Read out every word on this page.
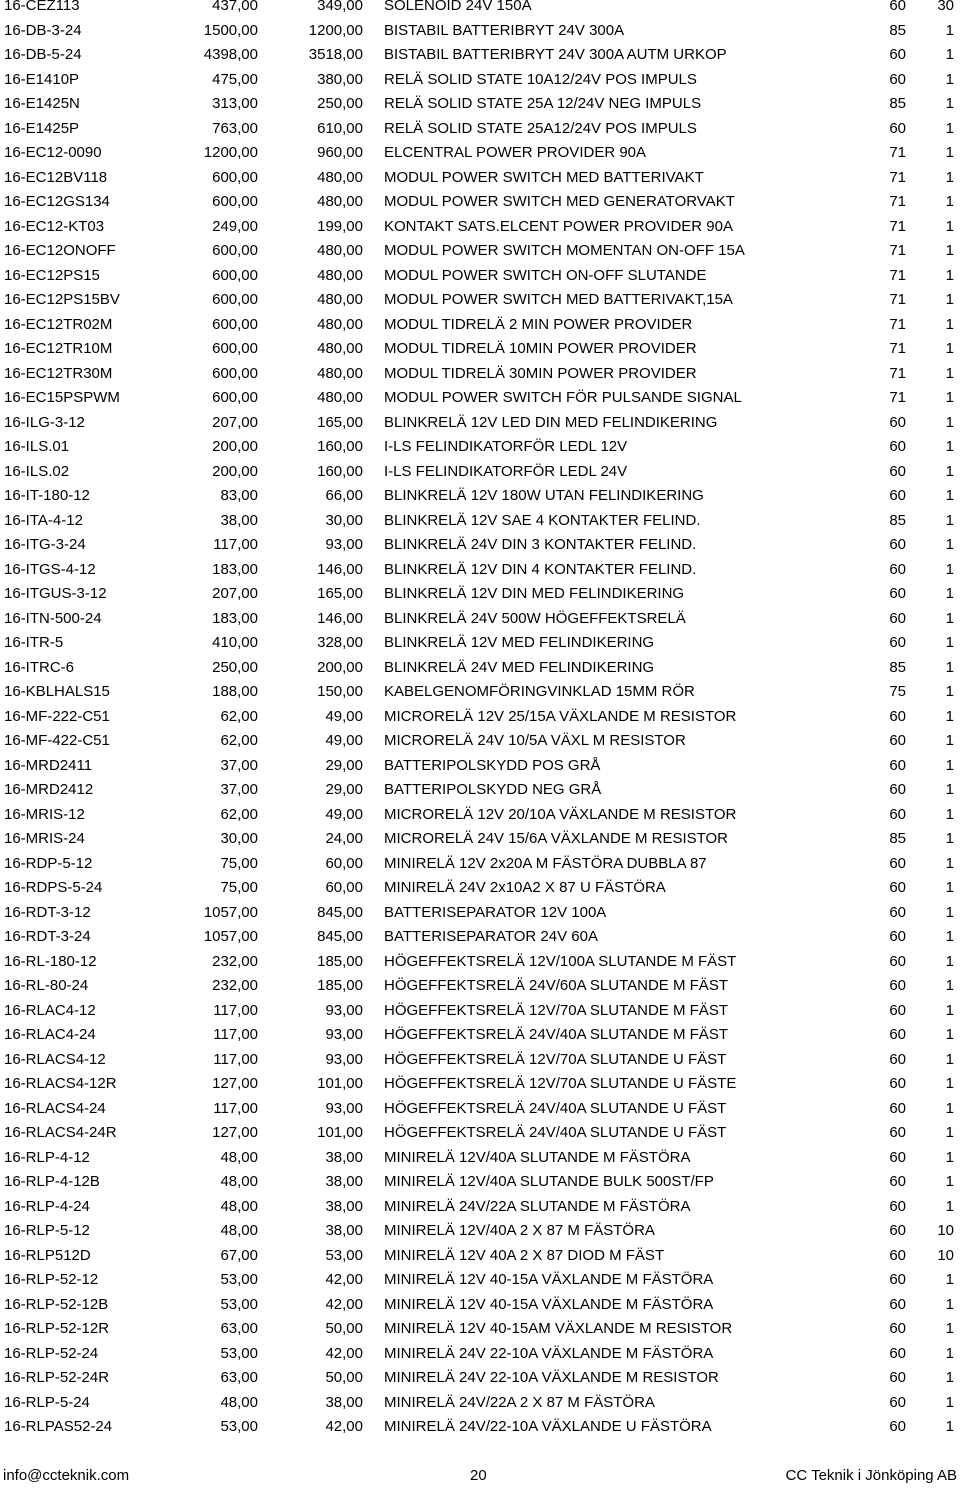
16-CEZ113	437,00	349,00	SOLENOID 24V 150A	60	30
16-DB-3-24	1500,00	1200,00	BISTABIL BATTERIBRYT 24V 300A	85	1
16-DB-5-24	4398,00	3518,00	BISTABIL BATTERIBRYT 24V 300A AUTM URKOP	60	1
16-E1410P	475,00	380,00	RELÄ SOLID STATE 10A12/24V POS IMPULS	60	1
16-E1425N	313,00	250,00	RELÄ SOLID STATE 25A 12/24V NEG IMPULS	85	1
16-E1425P	763,00	610,00	RELÄ SOLID STATE 25A12/24V POS IMPULS	60	1
16-EC12-0090	1200,00	960,00	ELCENTRAL POWER PROVIDER 90A	71	1
16-EC12BV118	600,00	480,00	MODUL POWER SWITCH MED BATTERIVAKT	71	1
16-EC12GS134	600,00	480,00	MODUL POWER SWITCH MED GENERATORVAKT	71	1
16-EC12-KT03	249,00	199,00	KONTAKT SATS.ELCENT POWER PROVIDER 90A	71	1
16-EC12ONOFF	600,00	480,00	MODUL POWER SWITCH MOMENTAN ON-OFF 15A	71	1
16-EC12PS15	600,00	480,00	MODUL POWER SWITCH ON-OFF SLUTANDE	71	1
16-EC12PS15BV	600,00	480,00	MODUL POWER SWITCH MED BATTERIVAKT,15A	71	1
16-EC12TR02M	600,00	480,00	MODUL TIDRELÄ 2 MIN POWER PROVIDER	71	1
16-EC12TR10M	600,00	480,00	MODUL TIDRELÄ 10MIN POWER PROVIDER	71	1
16-EC12TR30M	600,00	480,00	MODUL TIDRELÄ 30MIN POWER PROVIDER	71	1
16-EC15PSPWM	600,00	480,00	MODUL POWER SWITCH FÖR PULSANDE SIGNAL	71	1
16-ILG-3-12	207,00	165,00	BLINKRELÄ 12V LED DIN MED FELINDIKERING	60	1
16-ILS.01	200,00	160,00	I-LS FELINDIKATORFÖR LEDL 12V	60	1
16-ILS.02	200,00	160,00	I-LS FELINDIKATORFÖR LEDL 24V	60	1
16-IT-180-12	83,00	66,00	BLINKRELÄ 12V 180W UTAN FELINDIKERING	60	1
16-ITA-4-12	38,00	30,00	BLINKRELÄ 12V SAE 4 KONTAKTER FELIND.	85	1
16-ITG-3-24	117,00	93,00	BLINKRELÄ 24V DIN 3 KONTAKTER FELIND.	60	1
16-ITGS-4-12	183,00	146,00	BLINKRELÄ 12V DIN 4 KONTAKTER FELIND.	60	1
16-ITGUS-3-12	207,00	165,00	BLINKRELÄ 12V DIN MED FELINDIKERING	60	1
16-ITN-500-24	183,00	146,00	BLINKRELÄ 24V 500W HÖGEFFEKTSRELÄ	60	1
16-ITR-5	410,00	328,00	BLINKRELÄ 12V MED FELINDIKERING	60	1
16-ITRC-6	250,00	200,00	BLINKRELÄ 24V MED FELINDIKERING	85	1
16-KBLHALS15	188,00	150,00	KABELGENOMFÖRINGVINKLAD 15MM RÖR	75	1
16-MF-222-C51	62,00	49,00	MICRORELÄ 12V 25/15A VÄXLANDE M RESISTOR	60	1
16-MF-422-C51	62,00	49,00	MICRORELÄ 24V 10/5A VÄXL M RESISTOR	60	1
16-MRD2411	37,00	29,00	BATTERIPOLSKYDD POS GRÅ	60	1
16-MRD2412	37,00	29,00	BATTERIPOLSKYDD NEG GRÅ	60	1
16-MRIS-12	62,00	49,00	MICRORELÄ 12V 20/10A VÄXLANDE M RESISTOR	60	1
16-MRIS-24	30,00	24,00	MICRORELÄ 24V 15/6A VÄXLANDE M RESISTOR	85	1
16-RDP-5-12	75,00	60,00	MINIRELÄ 12V 2x20A M FÄSTÖRA DUBBLA 87	60	1
16-RDPS-5-24	75,00	60,00	MINIRELÄ 24V 2x10A2 X 87 U FÄSTÖRA	60	1
16-RDT-3-12	1057,00	845,00	BATTERISEPARATOR 12V 100A	60	1
16-RDT-3-24	1057,00	845,00	BATTERISEPARATOR 24V 60A	60	1
16-RL-180-12	232,00	185,00	HÖGEFFEKTSRELÄ 12V/100A SLUTANDE M FÄST	60	1
16-RL-80-24	232,00	185,00	HÖGEFFEKTSRELÄ 24V/60A SLUTANDE M FÄST	60	1
16-RLAC4-12	117,00	93,00	HÖGEFFEKTSRELÄ 12V/70A SLUTANDE M FÄST	60	1
16-RLAC4-24	117,00	93,00	HÖGEFFEKTSRELÄ 24V/40A SLUTANDE M FÄST	60	1
16-RLACS4-12	117,00	93,00	HÖGEFFEKTSRELÄ 12V/70A SLUTANDE U FÄST	60	1
16-RLACS4-12R	127,00	101,00	HÖGEFFEKTSRELÄ 12V/70A SLUTANDE U FÄSTE	60	1
16-RLACS4-24	117,00	93,00	HÖGEFFEKTSRELÄ 24V/40A SLUTANDE U FÄST	60	1
16-RLACS4-24R	127,00	101,00	HÖGEFFEKTSRELÄ 24V/40A SLUTANDE U FÄST	60	1
16-RLP-4-12	48,00	38,00	MINIRELÄ 12V/40A SLUTANDE M FÄSTÖRA	60	1
16-RLP-4-12B	48,00	38,00	MINIRELÄ 12V/40A SLUTANDE BULK 500ST/FP	60	1
16-RLP-4-24	48,00	38,00	MINIRELÄ 24V/22A SLUTANDE M FÄSTÖRA	60	1
16-RLP-5-12	48,00	38,00	MINIRELÄ 12V/40A 2 X 87 M FÄSTÖRA	60	10
16-RLP512D	67,00	53,00	MINIRELÄ 12V 40A 2 X 87 DIOD M FÄST	60	10
16-RLP-52-12	53,00	42,00	MINIRELÄ 12V 40-15A VÄXLANDE M FÄSTÖRA	60	1
16-RLP-52-12B	53,00	42,00	MINIRELÄ 12V 40-15A VÄXLANDE M FÄSTÖRA	60	1
16-RLP-52-12R	63,00	50,00	MINIRELÄ 12V 40-15AM VÄXLANDE M RESISTOR	60	1
16-RLP-52-24	53,00	42,00	MINIRELÄ 24V 22-10A VÄXLANDE M FÄSTÖRA	60	1
16-RLP-52-24R	63,00	50,00	MINIRELÄ 24V 22-10A VÄXLANDE M RESISTOR	60	1
16-RLP-5-24	48,00	38,00	MINIRELÄ 24V/22A 2 X 87 M FÄSTÖRA	60	1
16-RLPAS52-24	53,00	42,00	MINIRELÄ 24V/22-10A VÄXLANDE U FÄSTÖRA	60	1
info@ccteknik.com	20	CC Teknik i Jönköping AB
